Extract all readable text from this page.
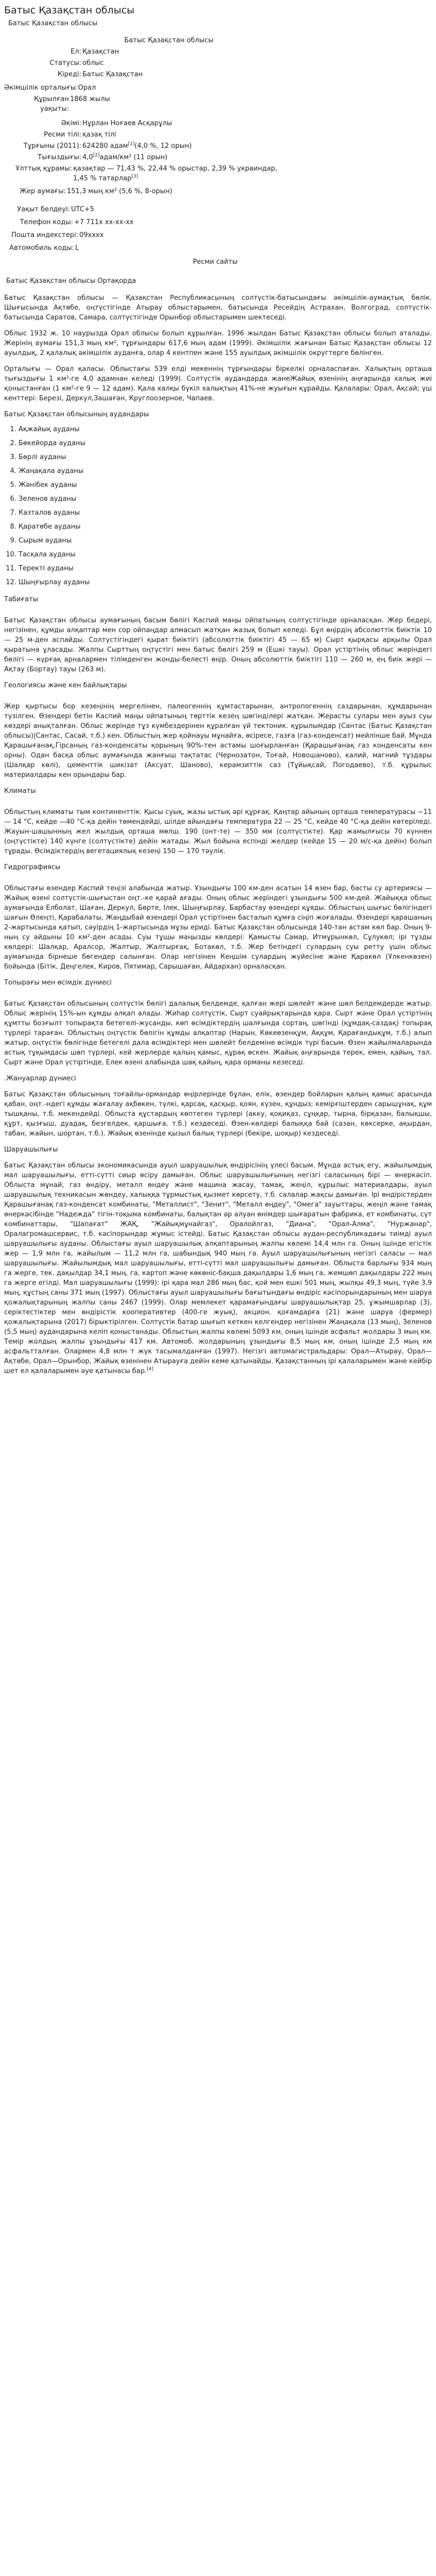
Батыс Қазақстан облысы
Батыс Қазақстан облысы
Батыс Қазақстан облысы
Ел: Қазақстан
Статусы: облыс
Кіреді: Батыс Қазақстан
Әкімшілік орталығы:Орал
Құрылған уақыты:
1868 жылы
Әкімі: Нұрлан Ноғаев Асқарұлы
Ресми тілі: қазақ тілі
Тұрғыны (2011): 624280 адам[1](4,0 %, 12 орын)
Тығыздығы: 4,0[2]адам/км² (11 орын)
Ұлттық құрамы: қазақтар — 71,43 %, 22,44 % орыстар, 2,39 % украиндар, 1,45 % татарлар[3]
Жер аумағы: 151,3 мың км² (5,6 %, 8-орын)
Уақыт белдеуі: UTC+5
Телефон коды: +7 711x xx-xx-xx
Пошта индекстері: 09xxxx
Автомобиль коды: L
Ресми сайты
Батыс Қазақстан облысы Ортақорда

Батыс Қазақстан облысы — Қазақстан Республикасының солтүстік-батысындағы әкімшілік-аумақтық бөлік. Шығысында Ақтөбе, оңтүстігінде Атырау облыстарымен, батысында Ресейдің Астрахан, Волгоград, солтүстік-батысында Саратов, Самара, солтүстігінде Орынбор облыстарымен шектеседі.

Облыс 1932 ж. 10 наурызда Орал облысы болып құрылған. 1996 жылдан Батыс Қазақстан облысы болып аталады. Жерінің аумағы 151,3 мың км², тұрғындары 617,6 мың адам (1999). Әкімшілік жағынан Батыс Қазақстан облысы 12 ауылдық, 2 қалалық әкімшілік ауданға, олар 4 кентпен және 155 ауылдық әкімшілік округтерге бөлінген.

Орталығы — Орал қаласы. Облыстағы 539 елді мекеннің тұрғындары біркелкі орналаспаған. Халықтың орташа тығыздығы 1 км²-ге 4,0 адамнан келеді (1999). Солтүстік аудандарда жанеЖайық өзенінің аңғарында халық жиі қоныстанған (1 км²-ге 9 — 12 адам). Қала халқы бүкіл халықтың 41%-не жуығын құрайды. Қалалары: Орал, Ақсай; үш кенттері: Березі, Деркул,Зашаған, Круглоозерное, Чапаев.

Батыс Қазақстан облысының аудандары
1. Ақжайық ауданы
2. Бөкейорда ауданы
3. Бөрлі ауданы
4. Жаңақала ауданы
5. Жәнібек ауданы
6. Зеленов ауданы
7. Казталов ауданы
8. Қаратөбе ауданы
9. Сырым ауданы
10. Тасқала ауданы
11. Теректі ауданы
12. Шыңғырлау ауданы
Табиғаты

Батыс Қазақстан облысы аумағының басым бөлігі Каспий маңы ойпатының солтүстігінде орналасқан. Жер бедері, негізінен, құмды алқаптар мен сор ойпаңдар алмасып жатқан жазық болып келеді. Бұл өңірдің абсолюттік биіктік 10 — 25 м-ден аспайды. Солтүстігіндегі қырат биіктігі (абсолюттік биіктігі 45 — 65 м) Сырт қырқасы арқылы Орал қыратына ұласады. Жалпы Сырттың оңтүстігі мен батыс бөлігі 259 м (Ешкі тауы). Орал үстіртінің облыс жеріндегі бөлігі — күрғақ арналармен тілімденген жонды-белесті өңір. Оның абсолюттік биіктігі 110 — 260 м, ең биік жері — Ақтау (Бортау) тауы (263 м).

Геологиясы және кен байлықтары

Жер қыртысы бор кезеңінің мергелінен, палеогеннің құмтастарынан, антропогеннің саздарынан, құмдарынан түзілген. Өзендері бетін Каспий маңы ойпатының төрттік кезең шөгінділері жатқан. Жерасты сулары мен ауыз суы көздері анықталған. Облыс жерінде тұз күмбездерінен құралған үй тектоник. құрылымдар (Сантас (Батыс Қазақстан облысы)|Сантас, Сасай, т.б.) кен. Облыстың жер қойнауы мұнайға, өсіресе, газға (газ-конденсат) мейлінше бай. Мұнда Қарашығанақ,Гірсаның газ-конденсаты қорының 90%-тен астамы шоғырланған (Қарашығанақ газ конденсаты кен орны). Одан басқа облыс аумағында жанғыш тақтатас (Чернозатон, Тоғай, Новошаново), калий, магний тұздары (Шалқар көлі), цементтік шикізат (Аксуат, Шаново), керамзиттік саз (Тұйықсай, Погодаево), т.б. құрылыс материалдары кен орындары бар.

Климаты

Облыстың климаты тым континенттік. Қысы суық, жазы ыстық әрі құрғақ. Қаңтар айының орташа температурасы −11 — 14 °С, кейде —40 °С-қа дейін төмендейді, шілде айындағы температура 22 — 25 °С, кейде 40 °С-қа дейін көтеріледі. Жауын-шашынның жел жылдық орташа мөлш. 190 (онт-те) — 350 мм (солтүстікте). Қар жамылғысы 70 күннен (оңтүстікте) 140 күнге (солтүстікте) дейін жатады. Жыл бойына еспінді желдер (кейде 15 — 20 м/с-қа дейін) болып тұрады. Өсімдіктердің вегетациялық кезеңі 150 — 170 тәулік.

Гидрографиясы

Облыстағы өзендер Каспий теңізі алабында жатыр. Ұзындығы 100 км-ден асатын 14 өзен бар, басты су артериясы — Жайық өзені солтүстік-шығыстан оңт.-ке қарай ағады. Оның облыс жеріндегі ұзындығы 500 км-дей. Жайыққа облыс аумағында Елболат, Шаған, Деркул, Бөрте, Ілек, Шыңғырлау, Барбастау өзендері құяды. Облыстың шығыс бөлігіндегі шағын Өлеңті, Қарабалаты, Жаңдыбай өзендері Орал үстіртінен басталып құмға сіңіп жоғалады. Өзендері қарашаның 2-жартысында қатып, сәуірдің 1-жартысында мұзы ериді. Батыс Қазақстан облысында 140-тан астам көл бар. Оның 9-ның су айдыны 10 км²-ден асады. Суы тұщы маңызды көлдері: Қамысты Самар, Итмұрынкөл, Сұлукөл; ірі тұзды көлдері: Шалқар, Аралсор, Жалтыр, Жалтырғақ, Ботакөл, т.б. Жер бетіндегі сулардың суы ретту үшін облыс аумағында бірнеше бөгендер салынған. Олар негізінен Кеңшім сулардың жүйесіне және Қаракөл (Ұлкенкөзен) бойында (Бітік, Деңгелек, Киров, Пятимар, Сарышаған, Айдархан) орналасқан.

Топырағы мен өсімдік дүниесі

Батыс Қазақстан облысының солтүстік бөлігі далалық белдемде, қалған жері шөлейт және шөл белдемдерде жатыр. Облыс жерінің 15%-ын құмды алқап алады. Жиһар солтүстік, Сырт суайрықтарында қара. Сырт және Орал үстіртінің құмтты бозғылт топырақта бетегелі-жусанды, көп өсімдіктердің шалғында сортаң, шөгінді (құмдақ-саздақ) топырақ түрлері тараған. Облыстың оңтүстік бөлігін құмды алқаптар (Нарын, Көкеөзенқұм, Аққұм, Қарағандықұм, т.б.) алып жатыр. оңтүстік бөлігінде бетегелі дала өсімдіктері мен шөлейт белдеміне өсімдік түрі басым. Өзен жайылмаларында астық тұқымдасы шөп түрлері, кей жерлерде қалың қамыс, құрақ өскен. Жайық аңғарында терек, емен, қайың, тал. Сырт және Орал үстіртінде, Елек өзені алабында шақ қайың, қара орманы кезеседі.

.Жануарлар дүниесі

Батыс Қазақстан облысының тоғайлы-ормандар өңірлерінде бұлан, елік, өзендер бойларын қалың қамыс арасында қабан, оңт.-ндегі құмды жағалау ақбөкен, түлкі, қарсақ, қасқыр, қоян, күзен, құндыз; кемірғіштерден сарышұнақ, құм тышқаны, т.б. мекендейді. Облыста құстардың көптеген түрлері (акку, қоқиқаз, сұңқар, тырна, бірқазан, балықшы, құрт, қызғыш, дуадақ, безгелдек, қаршыға, т.б.) кездеседі. Өзен-көлдері балыққа бай (сазан, көксерке, ақырдан, табан, жайын, шортан, т.б.). Жайық өзенінде қызыл балық түрлері (бекіре, шоқыр) кездеседі.

Шаруашылығы

Батыс Қазақстан облысы экономикасында ауыл шаруашылық өндірісінің үлесі басым. Мұнда астық егу, жайылымдық мал шаруашылығы, етті-сүтті сиыр өсіру дамыған. Облыс шаруашылығының негізгі саласының бірі — өнеркәсіп. Облыста мұнай, газ өндіру, металл өндеу және машина жасау, тамақ, жеңіл, құрылыс материалдары, ауыл шаруашылық техникасын жөндеу, халыққа тұрмыстық қызмет көрсету, т.б. салалар жақсы дамыған. Ірі өндірістерден Қарашығанақ газ-конденсат комбинаты, "Металлист", "Зенит", "Металл өңдеу", "Омега" зауыттары, жеңіл және тамақ өнеркәсібінде "Надежда" тігін-тоқыма комбинаты, балықтан әр алуан өнімдер шығаратын фабрика, ет комбинаты, сүт комбинаттары, "Шапағат" ЖАҚ, "Жайықмұнайгаз", Оралойлгаз, "Диана", "Орал-Алма", "Нуржанар", Оралагромашсервис, т.б. кәсіпорындар жұмыс істейді. Батыс Қазақстан облысы аудан-республикадағы тиімді ауыл шаруашылығы ауданы. Облыстағы ауыл шаруашылық алқаптарының жалпы көлемі 14,4 млн га. Оның ішінде егістік жер — 1,9 млн га, жайылым — 11,2 млн га, шабындық 940 мың га. Ауыл шаруашылығының негізгі саласы — мал шаруашылығы. Жайылымдық мал шаруашылығы, етті-сүтті мал шаруашылығы дамыған. Облыста барлығы 934 мың га жерге, тек. дақылдар 34,1 мың. га, картоп және көкөніс-бақша дақылдары 1,6 мың га, жемшөп дақылдары 222 мың га жерге егілді. Мал шаруашылығы (1999): ірі қара мал 286 мың бас, қой мен ешкі 501 мың, жылқы 49,3 мың, түйе 3,9 мың, құстың саны 371 мың (1997). Облыстағы ауыл шаруашылығы бағытындағы өндіріс кәсіпорындарының мен шаруа қожалықтарының жалпы саны 2467 (1999). Олар мемлекет қарамағындағы шаруашылықтар 25, ұжымшарлар (3), серіктестіктер мен өндірістік кооперативтер (400-ге жуық), акцион. қоғамдарға (21) және шаруа (фермер) қожалықтарына (2017) бірыктірілген. Солтүстік батар шығып кеткен келгендер негізінен Жаңақала (13 мың), Зеленов (5,5 мың) аудандарына келіп қоныстанады. Облыстың жалпы көлемі 5093 км, оның ішінде асфальт жолдары 3 мың км. Темір жолдың жалпы ұзындығы 417 км. Автомоб. жолдарының ұзындығы 8,5 мың км, оның ішінде 2,5 мың км асфальтталған. Олармен 4,8 млн т жүк тасымалданған (1997). Негізгі автомагистральдары: Орал—Атырау, Орал—Ақтөбе, Орал—Орынбор, Жайық өзенінен Атырауға дейін кеме қатынайды. Қазақстанның ірі қалаларымен және кейбір шет ел қалаларымен әуе қатынасы бар.[4]
